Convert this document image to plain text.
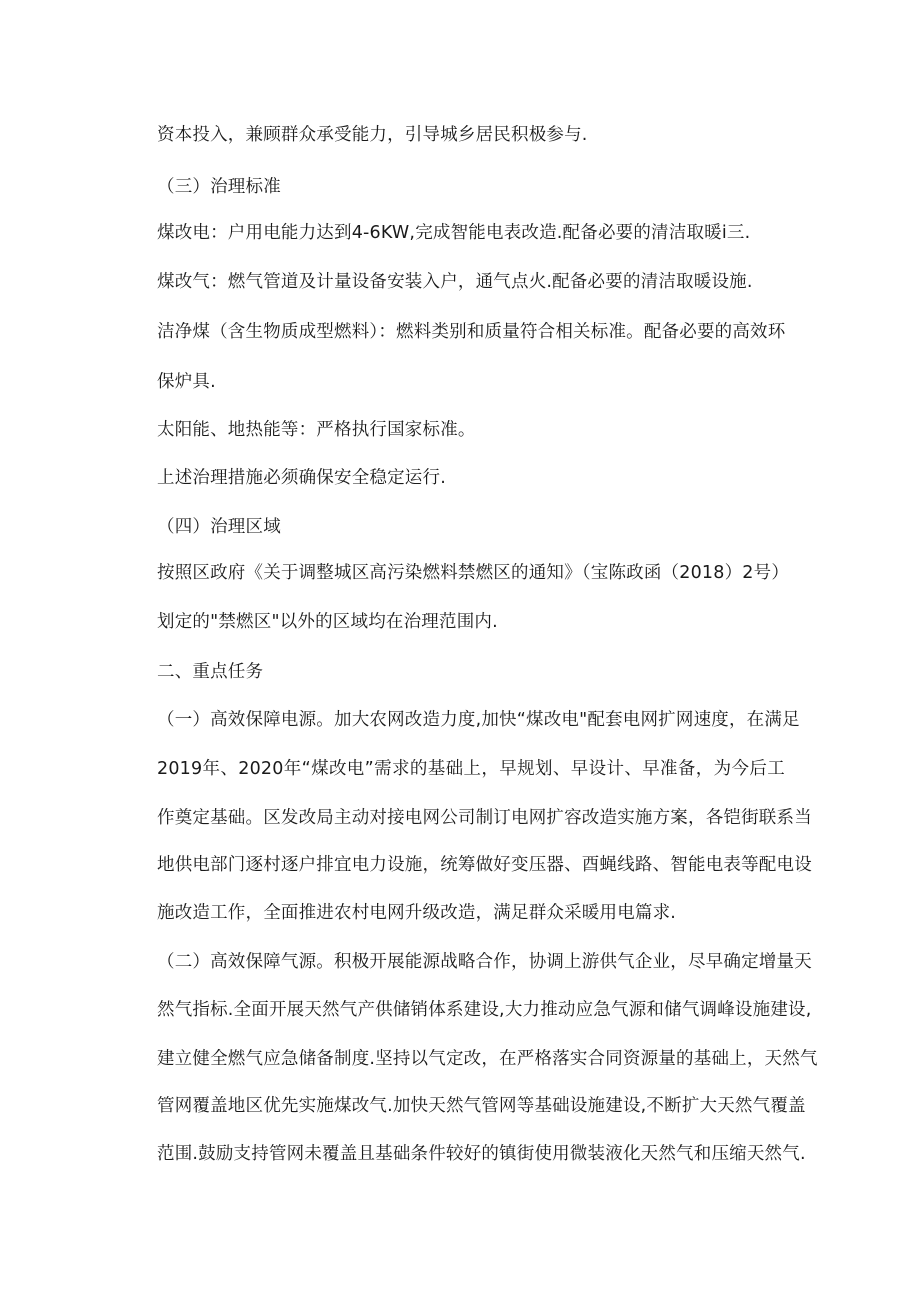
资本投入，兼顾群众承受能力，引导城乡居民积极参与.
（三）治理标准
煤改电：户用电能力达到4-6KW,完成智能电表改造.配备必要的清洁取暖i三.
煤改气：燃气管道及计量设备安装入户，通气点火.配备必要的清洁取暖设施.
洁净煤（含生物质成型燃料）：燃料类别和质量符合相关标准。配备必要的高效环
保炉具.
太阳能、地热能等：严格执行国家标准。
上述治理措施必须确保安全稳定运行.
（四）治理区域
按照区政府《关于调整城区高污染燃料禁燃区的通知》（宝陈政函（2018）2号）
划定的"禁燃区"以外的区域均在治理范围内.
二、重点任务
（一）高效保障电源。加大农网改造力度,加快“煤改电"配套电网扩网速度，在满足
2019年、2020年“煤改电”需求的基础上，早规划、早设计、早准备，为今后工
作奠定基础。区发改局主动对接电网公司制订电网扩容改造实施方案，各铠街联系当
地供电部门逐村逐户排宜电力设施，统筹做好变压器、酉蝇线路、智能电表等配电设
施改造工作，全面推进农村电网升级改造，满足群众采暖用电篇求.
（二）高效保障气源。积极开展能源战略合作，协调上游供气企业，尽早确定增量天
然气指标.全面开展天然气产供储销体系建设,大力推动应急气源和储气调峰设施建设,
建立健全燃气应急储备制度.坚持以气定改，在严格落实合同资源量的基础上，天然气
管网覆盖地区优先实施煤改气.加快天然气管网等基础设施建设,不断扩大天然气覆盖
范围.鼓励支持管网未覆盖且基础条件较好的镇街使用微装液化天然气和压缩天然气.
